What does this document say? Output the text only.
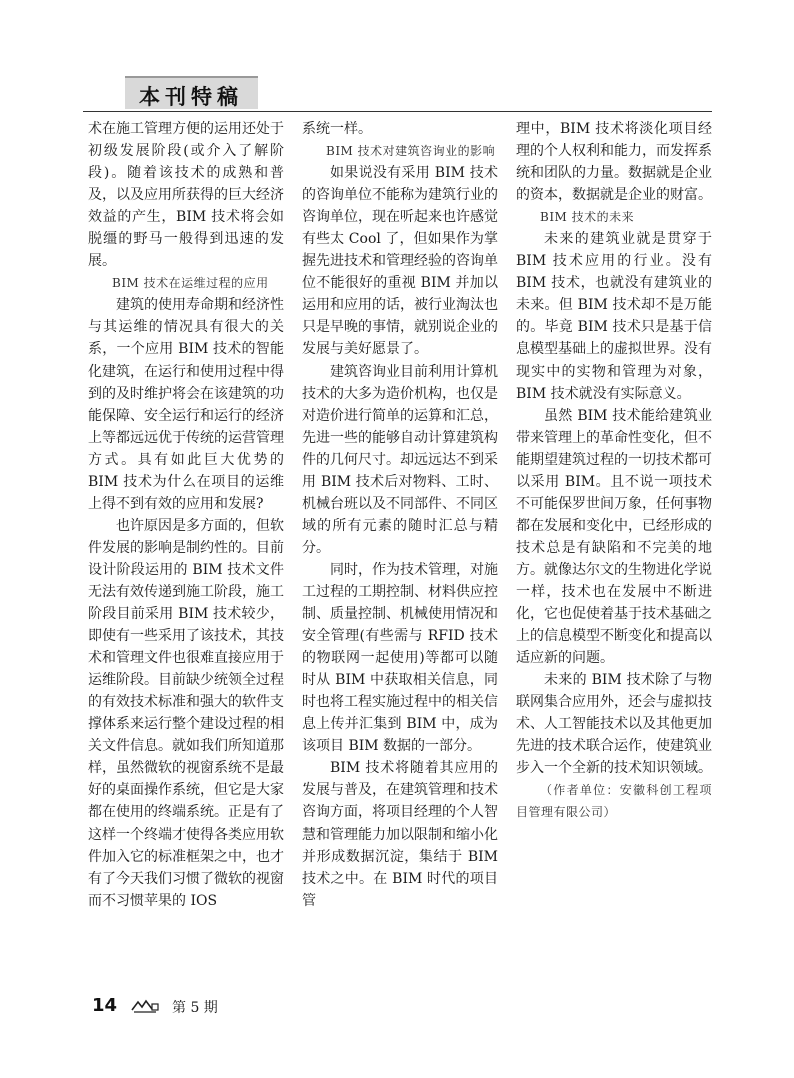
本刊特稿

术在施工管理方便的运用还处于初级发展阶段(或介入了解阶段)。随着该技术的成熟和普及，以及应用所获得的巨大经济效益的产生，BIM 技术将会如脱缰的野马一般得到迅速的发展。

BIM 技术在运维过程的应用

建筑的使用寿命期和经济性与其运维的情况具有很大的关系，一个应用 BIM 技术的智能化建筑，在运行和使用过程中得到的及时维护将会在该建筑的功能保障、安全运行和运行的经济上等都远远优于传统的运营管理方式。具有如此巨大优势的 BIM 技术为什么在项目的运维上得不到有效的应用和发展?

也许原因是多方面的，但软件发展的影响是制约性的。目前设计阶段运用的 BIM 技术文件无法有效传递到施工阶段，施工阶段目前采用 BIM 技术较少，即使有一些采用了该技术，其技术和管理文件也很难直接应用于运维阶段。目前缺少统领全过程的有效技术标准和强大的软件支撑体系来运行整个建设过程的相关文件信息。就如我们所知道那样，虽然微软的视窗系统不是最好的桌面操作系统，但它是大家都在使用的终端系统。正是有了这样一个终端才使得各类应用软件加入它的标准框架之中，也才有了今天我们习惯了微软的视窗而不习惯苹果的 IOS

系统一样。

BIM 技术对建筑咨询业的影响

如果说没有采用 BIM 技术的咨询单位不能称为建筑行业的咨询单位，现在听起来也许感觉有些太 Cool 了，但如果作为掌握先进技术和管理经验的咨询单位不能很好的重视 BIM 并加以运用和应用的话，被行业淘汰也只是早晚的事情，就别说企业的发展与美好愿景了。

建筑咨询业目前利用计算机技术的大多为造价机构，也仅是对造价进行简单的运算和汇总，先进一些的能够自动计算建筑构件的几何尺寸。却远远达不到采用 BIM 技术后对物料、工时、机械台班以及不同部件、不同区域的所有元素的随时汇总与精分。

同时，作为技术管理，对施工过程的工期控制、材料供应控制、质量控制、机械使用情况和安全管理(有些需与 RFID 技术的物联网一起使用)等都可以随时从 BIM 中获取相关信息，同时也将工程实施过程中的相关信息上传并汇集到 BIM 中，成为该项目 BIM 数据的一部分。

BIM 技术将随着其应用的发展与普及，在建筑管理和技术咨询方面，将项目经理的个人智慧和管理能力加以限制和缩小化并形成数据沉淀，集结于 BIM 技术之中。在 BIM 时代的项目管

理中，BIM 技术将淡化项目经理的个人权利和能力，而发挥系统和团队的力量。数据就是企业的资本，数据就是企业的财富。

BIM 技术的未来

未来的建筑业就是贯穿于 BIM 技术应用的行业。没有 BIM 技术，也就没有建筑业的未来。但 BIM 技术却不是万能的。毕竟 BIM 技术只是基于信息模型基础上的虚拟世界。没有现实中的实物和管理为对象，BIM 技术就没有实际意义。

虽然 BIM 技术能给建筑业带来管理上的革命性变化，但不能期望建筑过程的一切技术都可以采用 BIM。且不说一项技术不可能保罗世间万象，任何事物都在发展和变化中，已经形成的技术总是有缺陷和不完美的地方。就像达尔文的生物进化学说一样，技术也在发展中不断进化，它也促使着基于技术基础之上的信息模型不断变化和提高以适应新的问题。

未来的 BIM 技术除了与物联网集合应用外，还会与虚拟技术、人工智能技术以及其他更加先进的技术联合运作，使建筑业步入一个全新的技术知识领域。

（作者单位：安徽科创工程项目管理有限公司）

14	第 5 期
